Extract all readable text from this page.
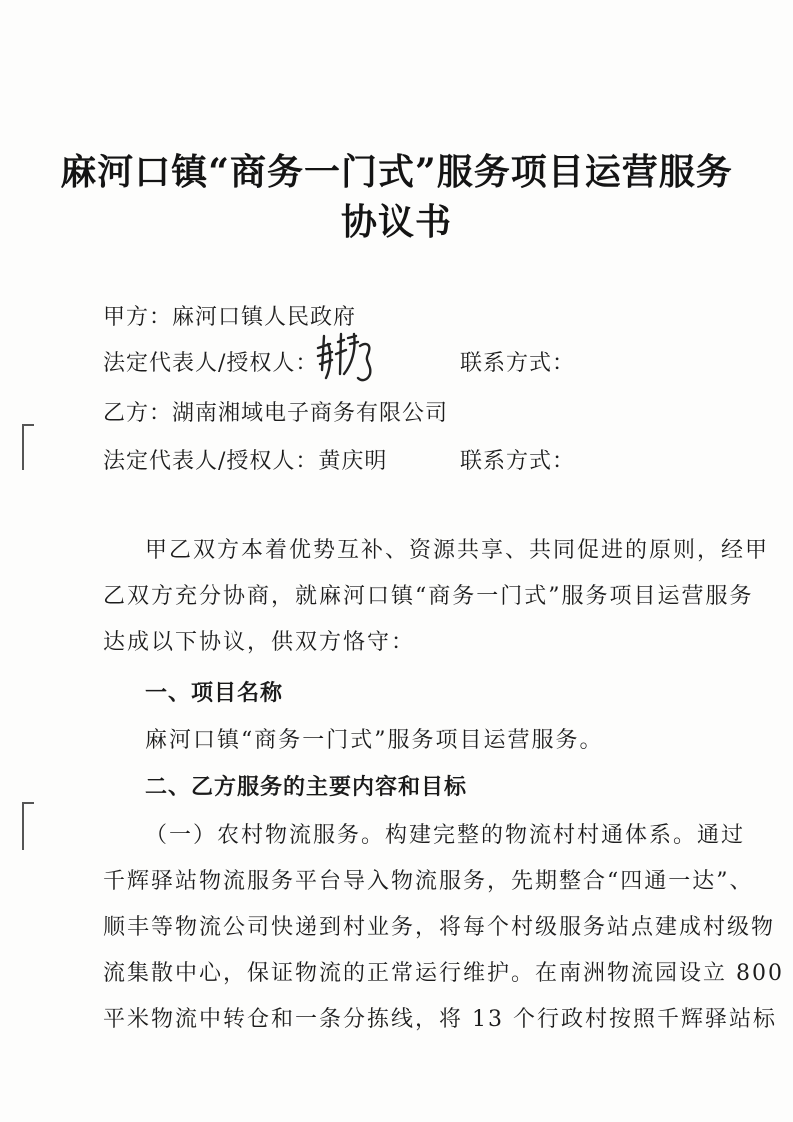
麻河口镇“商务一门式”服务项目运营服务
协议书
甲方：麻河口镇人民政府
法定代表人/授权人：	联系方式：
乙方：湖南湘域电子商务有限公司
法定代表人/授权人：黄庆明	联系方式：
甲乙双方本着优势互补、资源共享、共同促进的原则，经甲
乙双方充分协商，就麻河口镇“商务一门式”服务项目运营服务
达成以下协议，供双方恪守：
一、项目名称
麻河口镇“商务一门式”服务项目运营服务。
二、乙方服务的主要内容和目标
（一）农村物流服务。构建完整的物流村村通体系。通过
千辉驿站物流服务平台导入物流服务，先期整合“四通一达”、
顺丰等物流公司快递到村业务，将每个村级服务站点建成村级物
流集散中心，保证物流的正常运行维护。在南洲物流园设立 800
平米物流中转仓和一条分拣线，将 13 个行政村按照千辉驿站标
